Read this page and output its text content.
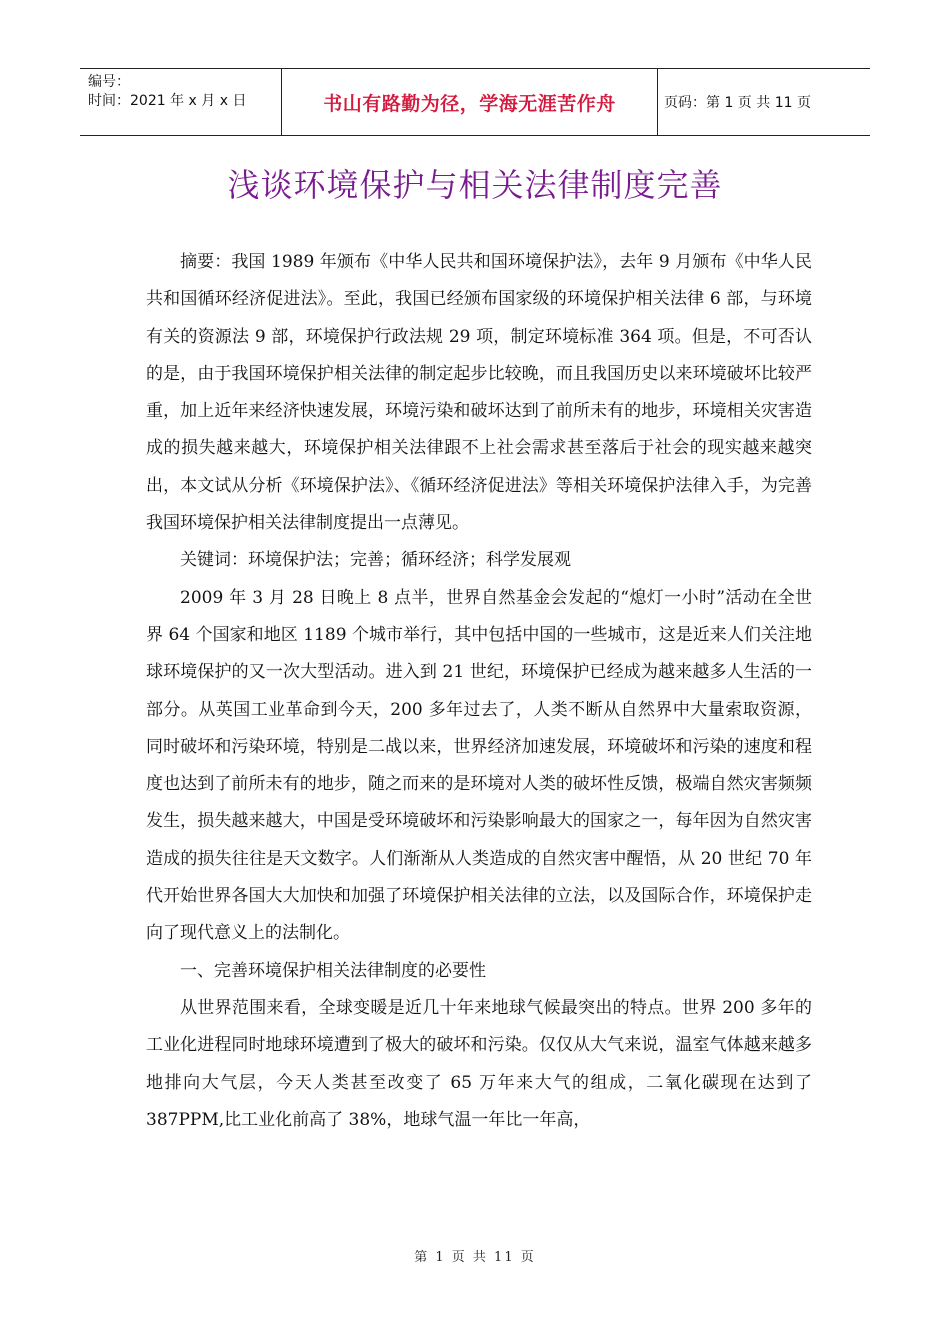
编号：
时间：2021 年 x 月 x 日	书山有路勤为径，学海无涯苦作舟	页码：第 1 页 共 11 页
浅谈环境保护与相关法律制度完善

摘要：我国 1989 年颁布《中华人民共和国环境保护法》，去年 9 月颁布《中华人民共和国循环经济促进法》。至此，我国已经颁布国家级的环境保护相关法律 6 部，与环境有关的资源法 9 部，环境保护行政法规 29 项，制定环境标准 364 项。但是，不可否认的是，由于我国环境保护相关法律的制定起步比较晚，而且我国历史以来环境破坏比较严重，加上近年来经济快速发展，环境污染和破坏达到了前所未有的地步，环境相关灾害造成的损失越来越大，环境保护相关法律跟不上社会需求甚至落后于社会的现实越来越突出，本文试从分析《环境保护法》、《循环经济促进法》等相关环境保护法律入手，为完善我国环境保护相关法律制度提出一点薄见。

关键词：环境保护法；完善；循环经济；科学发展观

2009 年 3 月 28 日晚上 8 点半，世界自然基金会发起的“熄灯一小时”活动在全世界 64 个国家和地区 1189 个城市举行，其中包括中国的一些城市，这是近来人们关注地球环境保护的又一次大型活动。进入到 21 世纪，环境保护已经成为越来越多人生活的一部分。从英国工业革命到今天，200 多年过去了，人类不断从自然界中大量索取资源，同时破坏和污染环境，特别是二战以来，世界经济加速发展，环境破坏和污染的速度和程度也达到了前所未有的地步，随之而来的是环境对人类的破坏性反馈，极端自然灾害频频发生，损失越来越大，中国是受环境破坏和污染影响最大的国家之一，每年因为自然灾害造成的损失往往是天文数字。人们渐渐从人类造成的自然灾害中醒悟，从 20 世纪 70 年代开始世界各国大大加快和加强了环境保护相关法律的立法，以及国际合作，环境保护走向了现代意义上的法制化。

一、完善环境保护相关法律制度的必要性

从世界范围来看，全球变暖是近几十年来地球气候最突出的特点。世界 200 多年的工业化进程同时地球环境遭到了极大的破坏和污染。仅仅从大气来说，温室气体越来越多地排向大气层，今天人类甚至改变了 65 万年来大气的组成，二氧化碳现在达到了 387PPM,比工业化前高了 38%，地球气温一年比一年高，

第 1 页 共 11 页
